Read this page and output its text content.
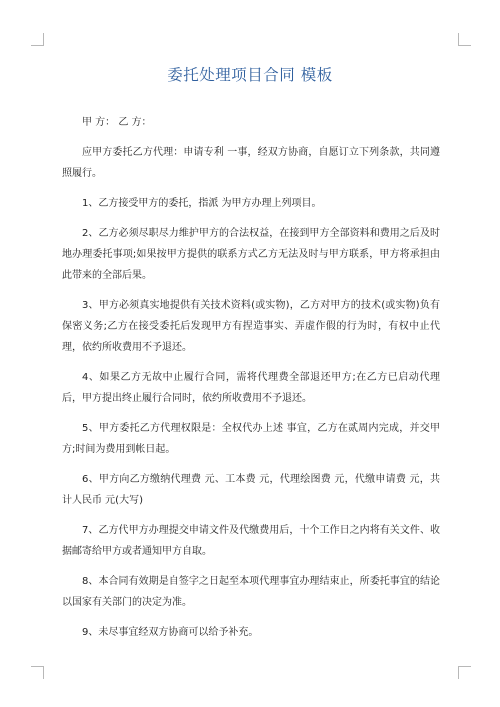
委托处理项目合同 模板

甲 方： 乙 方：

应甲方委托乙方代理：申请专利 一事，经双方协商，自愿订立下列条款，共同遵照履行。

1、乙方接受甲方的委托，指派 为甲方办理上列项目。

2、乙方必须尽职尽力维护甲方的合法权益，在接到甲方全部资料和费用之后及时地办理委托事项;如果按甲方提供的联系方式乙方无法及时与甲方联系，甲方将承担由此带来的全部后果。

3、甲方必须真实地提供有关技术资料(或实物)，乙方对甲方的技术(或实物)负有保密义务;乙方在接受委托后发现甲方有捏造事实、弄虚作假的行为时，有权中止代理，依约所收费用不予退还。

4、如果乙方无故中止履行合同，需将代理费全部退还甲方;在乙方已启动代理后，甲方提出终止履行合同时，依约所收费用不予退还。

5、甲方委托乙方代理权限是：全权代办上述 事宜，乙方在贰周内完成，并交甲方;时间为费用到帐日起。

6、甲方向乙方缴纳代理费 元、工本费 元，代理绘图费 元，代缴申请费 元，共计人民币 元(大写)

7、乙方代甲方办理提交申请文件及代缴费用后，十个工作日之内将有关文件、收据邮寄给甲方或者通知甲方自取。

8、本合同有效期是自签字之日起至本项代理事宜办理结束止，所委托事宜的结论以国家有关部门的决定为准。

9、未尽事宜经双方协商可以给予补充。
